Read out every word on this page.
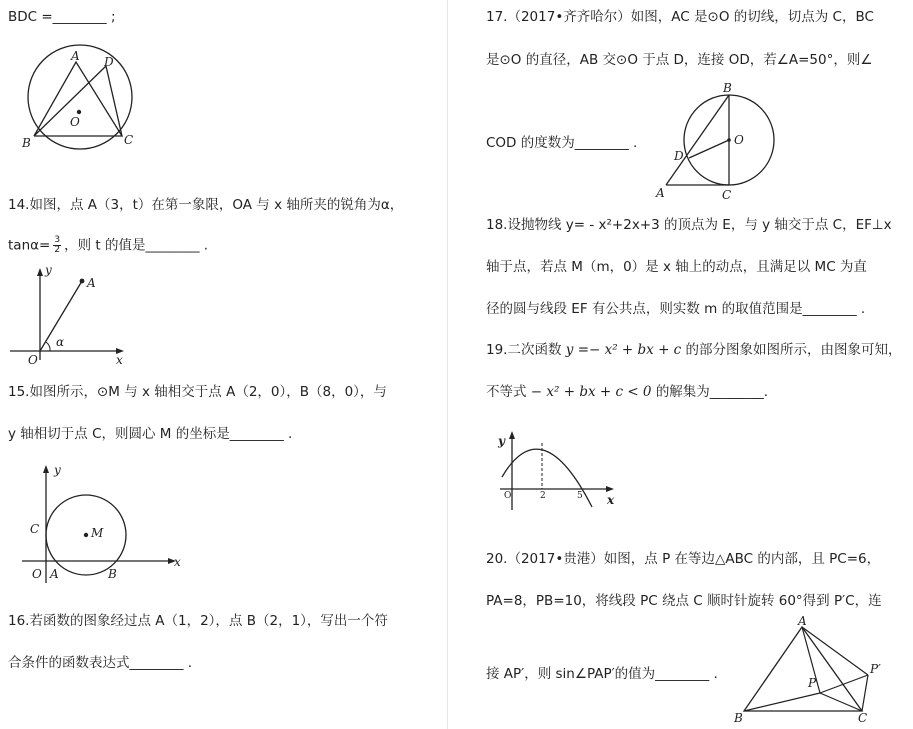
BDC =________ ;
A D
O
B	C
14.如图，点 A（3，t）在第一象限，OA 与 x 轴所夹的锐角为α，
$\tan\alpha= \frac{3}{2}$ ，则 t 的值是________ .
y
A
O
α
x
15.如图所示，⊙M 与 x 轴相交于点 A（2，0），B（8，0），与
y 轴相切于点 C，则圆心 M 的坐标是________ .
y
C	M
O A	B
x
16.若函数的图象经过点 A（1，2），点 B（2，1），写出一个符
合条件的函数表达式________ .
17.（2017•齐齐哈尔）如图，AC 是⊙O 的切线，切点为 C，BC
是⊙O 的直径，AB 交⊙O 于点 D，连接 OD，若∠A=50°，则∠
COD 的度数为________ .
B
O
D
A	C
18.设抛物线 y= - x²+2x+3 的顶点为 E，与 y 轴交于点 C，EF⊥x
轴于点，若点 M（m，0）是 x 轴上的动点，且满足以 MC 为直
径的圆与线段 EF 有公共点，则实数 m 的取值范围是________ .
19.二次函数 y =− x² + bx + c 的部分图象如图所示，由图象可知，
不等式 − x² + bx + c < 0 的解集为________.
y
O	2	5 x
20.（2017•贵港）如图，点 P 在等边△ABC 的内部，且 PC=6，
PA=8，PB=10，将线段 PC 绕点 C 顺时针旋转 60°得到 P′C，连
接 AP′，则 sin∠PAP′的值为________ .
A
P′
P
B	C
